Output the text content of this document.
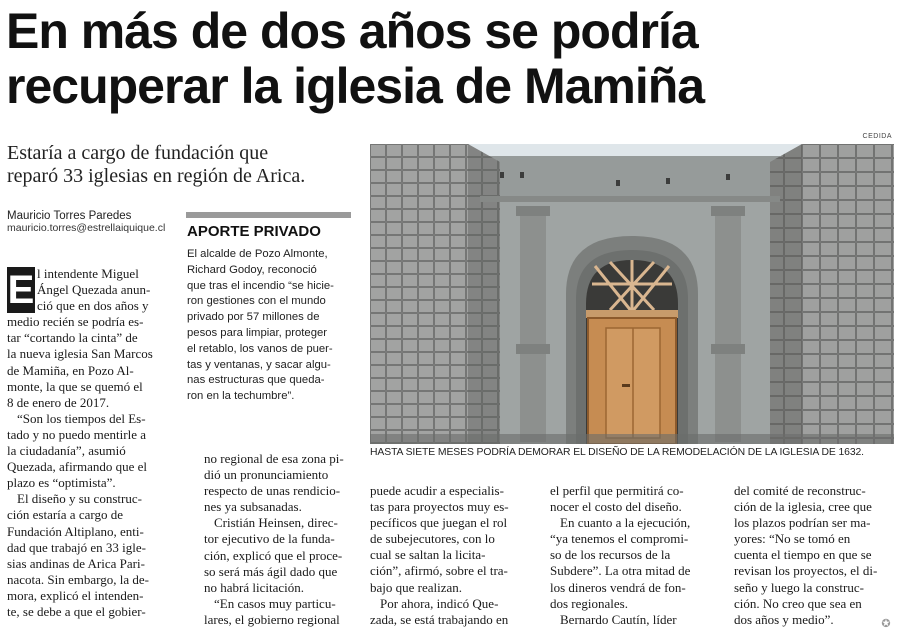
En más de dos años se podría
recuperar la iglesia de Mamiña
Estaría a cargo de fundación que
reparó 33 iglesias en región de Arica.
Mauricio Torres Paredes
mauricio.torres@estrellaiquique.cl
CEDIDA
HASTA SIETE MESES PODRÍA DEMORAR EL DISEÑO DE LA REMODELACIÓN DE LA IGLESIA DE 1632.
APORTE PRIVADO
El alcalde de Pozo Almonte,
Richard Godoy, reconoció
que tras el incendio “se hicie-
ron gestiones con el mundo
privado por 57 millones de
pesos para limpiar, proteger
el retablo, los vanos de puer-
tas y ventanas, y sacar algu-
nas estructuras que queda-
ron en la techumbre”.
E l intendente Miguel
Ángel Quezada anun-
ció que en dos años y
medio recién se podría es-
tar “cortando la cinta” de
la nueva iglesia San Marcos
de Mamiña, en Pozo Al-
monte, la que se quemó el
8 de enero de 2017.
“Son los tiempos del Es-
tado y no puedo mentirle a
la ciudadanía”, asumió
Quezada, afirmando que el
plazo es “optimista”.
El diseño y su construc-
ción estaría a cargo de
Fundación Altiplano, enti-
dad que trabajó en 33 igle-
sias andinas de Arica Pari-
nacota. Sin embargo, la de-
mora, explicó el intenden-
te, se debe a que el gobier-
no regional de esa zona pi-
dió un pronunciamiento
respecto de unas rendicio-
nes ya subsanadas.
Cristián Heinsen, direc-
tor ejecutivo de la funda-
ción, explicó que el proce-
so será más ágil dado que
no habrá licitación.
“En casos muy particu-
lares, el gobierno regional
puede acudir a especialis-
tas para proyectos muy es-
pecíficos que juegan el rol
de subejecutores, con lo
cual se saltan la licita-
ción”, afirmó, sobre el tra-
bajo que realizan.
Por ahora, indicó Que-
zada, se está trabajando en
el perfil que permitirá co-
nocer el costo del diseño.
En cuanto a la ejecución,
“ya tenemos el compromi-
so de los recursos de la
Subdere”. La otra mitad de
los dineros vendrá de fon-
dos regionales.
Bernardo Cautín, líder
del comité de reconstruc-
ción de la iglesia, cree que
los plazos podrían ser ma-
yores: “No se tomó en
cuenta el tiempo en que se
revisan los proyectos, el di-
seño y luego la construc-
ción. No creo que sea en
dos años y medio”.	✪
